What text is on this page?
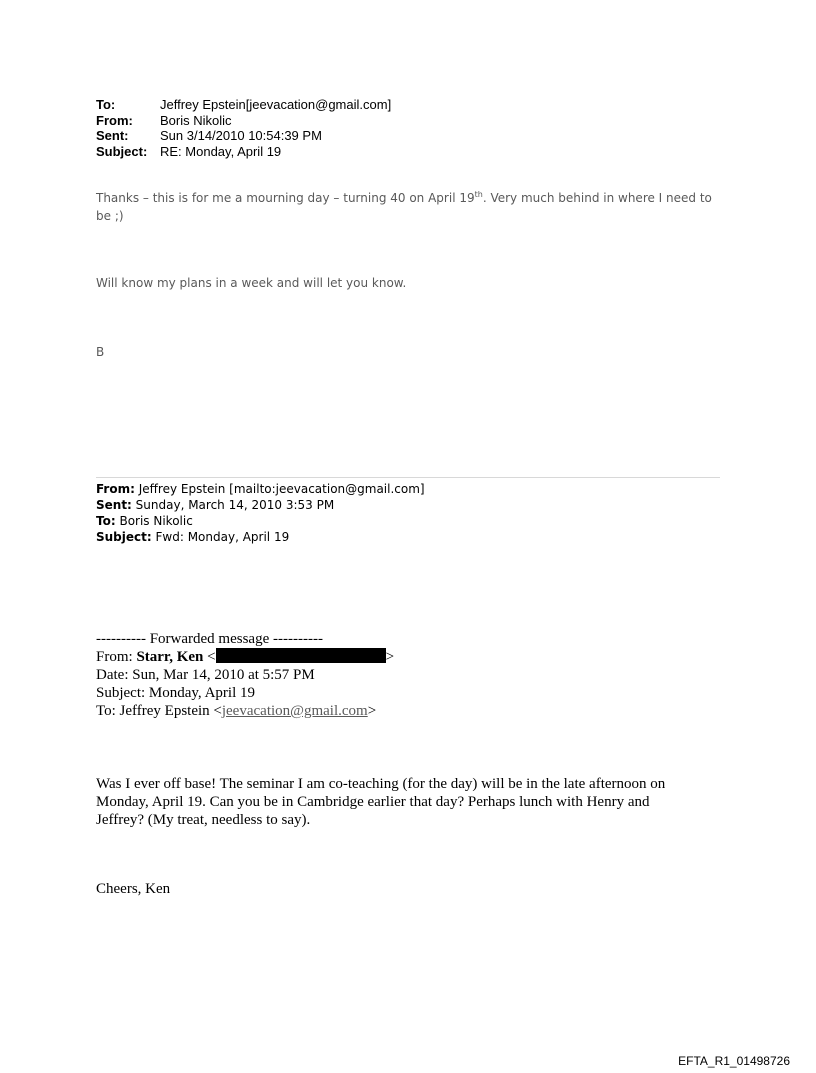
To:	Jeffrey Epstein[jeevacation@gmail.com]
From:	Boris Nikolic
Sent:	Sun 3/14/2010 10:54:39 PM
Subject: RE: Monday, April 19
Thanks – this is for me a mourning day – turning 40 on April 19th. Very much behind in where I need to
be ;)
Will know my plans in a week and will let you know.
B
From: Jeffrey Epstein [mailto:jeevacation@gmail.com]
Sent: Sunday, March 14, 2010 3:53 PM
To: Boris Nikolic
Subject: Fwd: Monday, April 19
---------- Forwarded message ----------
From: Starr, Ken <	>
Date: Sun, Mar 14, 2010 at 5:57 PM
Subject: Monday, April 19
To: Jeffrey Epstein <jeevacation@gmail.com>
Was I ever off base! The seminar I am co-teaching (for the day) will be in the late afternoon on
Monday, April 19. Can you be in Cambridge earlier that day? Perhaps lunch with Henry and
Jeffrey? (My treat, needless to say).
Cheers, Ken
EFTA_R1_01498726
